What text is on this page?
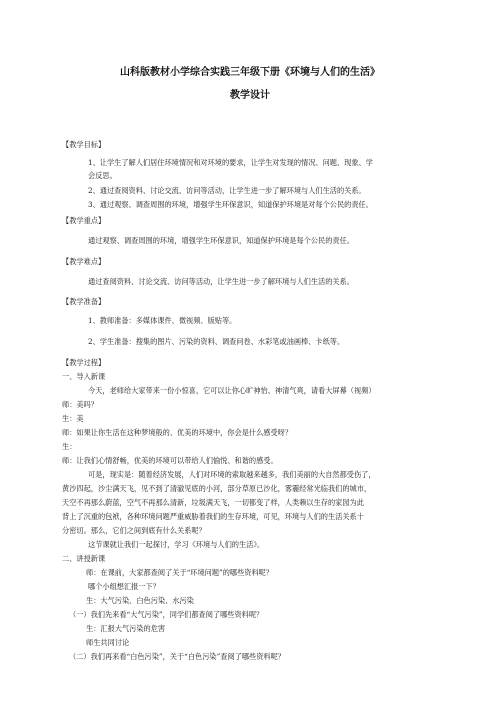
山科版教材小学综合实践三年级下册《环境与人们的生活》
教学设计
【教学目标】
1、让学生了解人们居住环境情况和对环境的要求，让学生对发现的情况、问题、现象、学
会反思。
2、通过查阅资料、讨论交流、访问等活动，让学生进一步了解环境与人们生活的关系。
3、通过观察、调查周围的环境，增强学生环保意识，知道保护环境是对每个公民的责任。
【教学重点】
通过观察、调查周围的环境，增强学生环保意识，知道保护环境是每个公民的责任。
【教学难点】
通过查阅资料、讨论交流、访问等活动，让学生进一步了解环境与人们生活的关系。
【教学准备】
1、教师准备：多媒体课件、微视频、版贴等。
2、学生准备：搜集的图片、污染的资料、调查问卷、水彩笔或油画棒、卡纸等。
【教学过程】
一、导入新课
今天，老师给大家带来一份小惊喜，它可以让你心旷神怡、神清气爽，请看大屏幕（视频）
师：美吗？
生：美
师：如果让你生活在这种梦境般的、优美的环境中，你会是什么感受呀？
生：
师：让我们心情舒畅，优美的环境可以带给人们愉悦、和谐的感受。
可是，现实是：随着经济发展，人们对环境的索取越来越多，我们美丽的大自然都受伤了，
黄沙四起，沙尘满天飞，见不到了清澈见底的小河，部分草原已沙化，雾霾经常光临我们的城市，
天空不再那么蔚蓝，空气不再那么清新，垃圾满天飞，一切都变了样，人类赖以生存的家园为此
背上了沉重的包袱，各种环境问题严重威胁着我们的生存环境，可见，环境与人们的生活关系十
分密切。那么，它们之间到底有什么关系呢？
这节课就让我们一起探讨，学习《环境与人们的生活》。
二、讲授新课
师：在课前，大家都查阅了关于“环境问题”的哪些资料呢？
哪个小组想汇报一下？
生：大气污染、白色污染、水污染
（一）我们先来看“大气污染”，同学们都查阅了哪些资料呢？
生：汇报大气污染的危害
师生共同讨论
（二）我们再来看“白色污染”，关于“白色污染”查阅了哪些资料呢？
